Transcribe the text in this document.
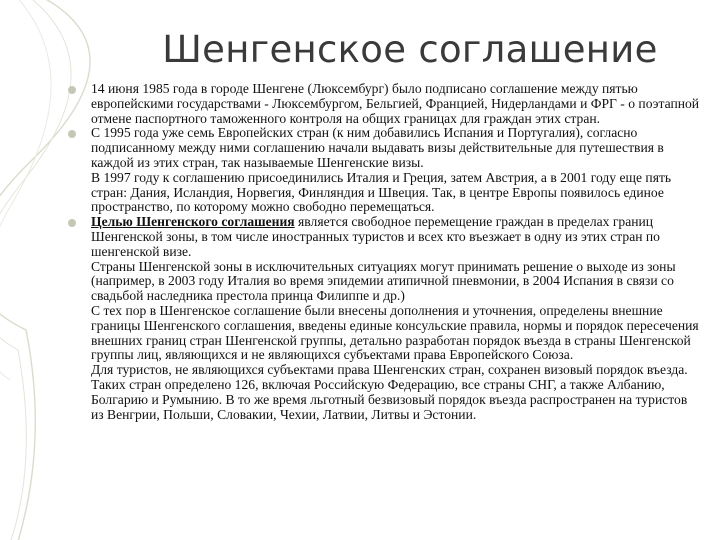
Шенгенское соглашение
14 июня 1985 года в городе Шенгене (Люксембург) было подписано соглашение между пятью европейскими государствами - Люксембургом, Бельгией, Францией, Нидерландами и ФРГ - о поэтапной отмене паспортного таможенного контроля на общих границах для граждан этих стран.
С 1995 года уже семь Европейских стран (к ним добавились Испания и Португалия), согласно подписанному между ними соглашению начали выдавать визы действительные для путешествия в каждой из этих стран, так называемые Шенгенские визы.
В 1997 году к соглашению присоединились Италия и Греция, затем Австрия, а в 2001 году еще пять стран: Дания, Исландия, Норвегия, Финляндия и Швеция. Так, в центре Европы появилось единое пространство, по которому можно свободно перемещаться.
Целью Шенгенского соглашения является свободное перемещение граждан в пределах границ Шенгенской зоны, в том числе иностранных туристов и всех кто въезжает в одну из этих стран по шенгенской визе.
Страны Шенгенской зоны в исключительных ситуациях могут принимать решение о выходе из зоны (например, в 2003 году Италия во время эпидемии атипичной пневмонии, в 2004 Испания в связи со свадьбой наследника престола принца Филиппе и др.)
С тех пор в Шенгенское соглашение были внесены дополнения и уточнения, определены внешние границы Шенгенского соглашения, введены единые консульские правила, нормы и порядок пересечения внешних границ стран Шенгенской группы, детально разработан порядок въезда в страны Шенгенской группы лиц, являющихся и не являющихся субъектами права Европейского Союза.
Для туристов, не являющихся субъектами права Шенгенских стран, сохранен визовый порядок въезда. Таких стран определено 126, включая Российскую Федерацию, все страны СНГ, а также Албанию, Болгарию и Румынию. В то же время льготный безвизовый порядок въезда распространен на туристов из Венгрии, Польши, Словакии, Чехии, Латвии, Литвы и Эстонии.
